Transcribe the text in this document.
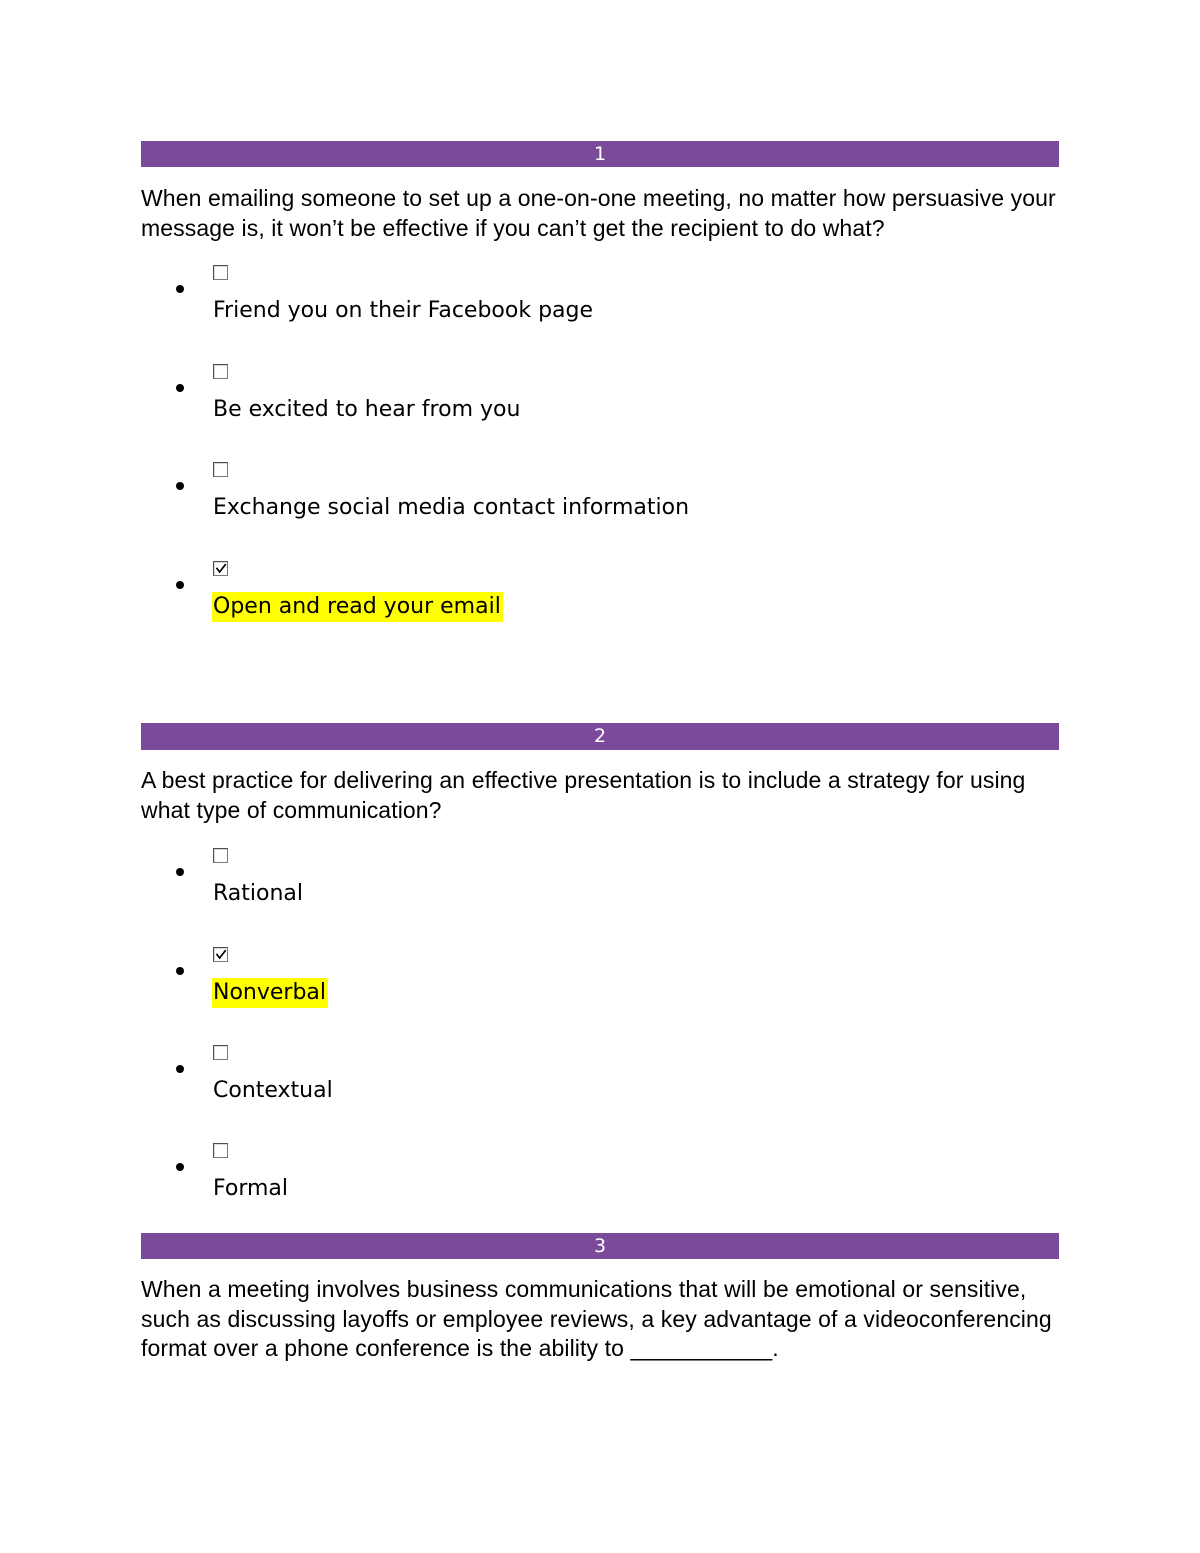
1

When emailing someone to set up a one-on-one meeting, no matter how persuasive your message is, it won’t be effective if you can’t get the recipient to do what?

Friend you on their Facebook page
Be excited to hear from you
Exchange social media contact information
Open and read your email
2

A best practice for delivering an effective presentation is to include a strategy for using what type of communication?

Rational
Nonverbal
Contextual
Formal
3

When a meeting involves business communications that will be emotional or sensitive, such as discussing layoffs or employee reviews, a key advantage of a videoconferencing format over a phone conference is the ability to ___________.
